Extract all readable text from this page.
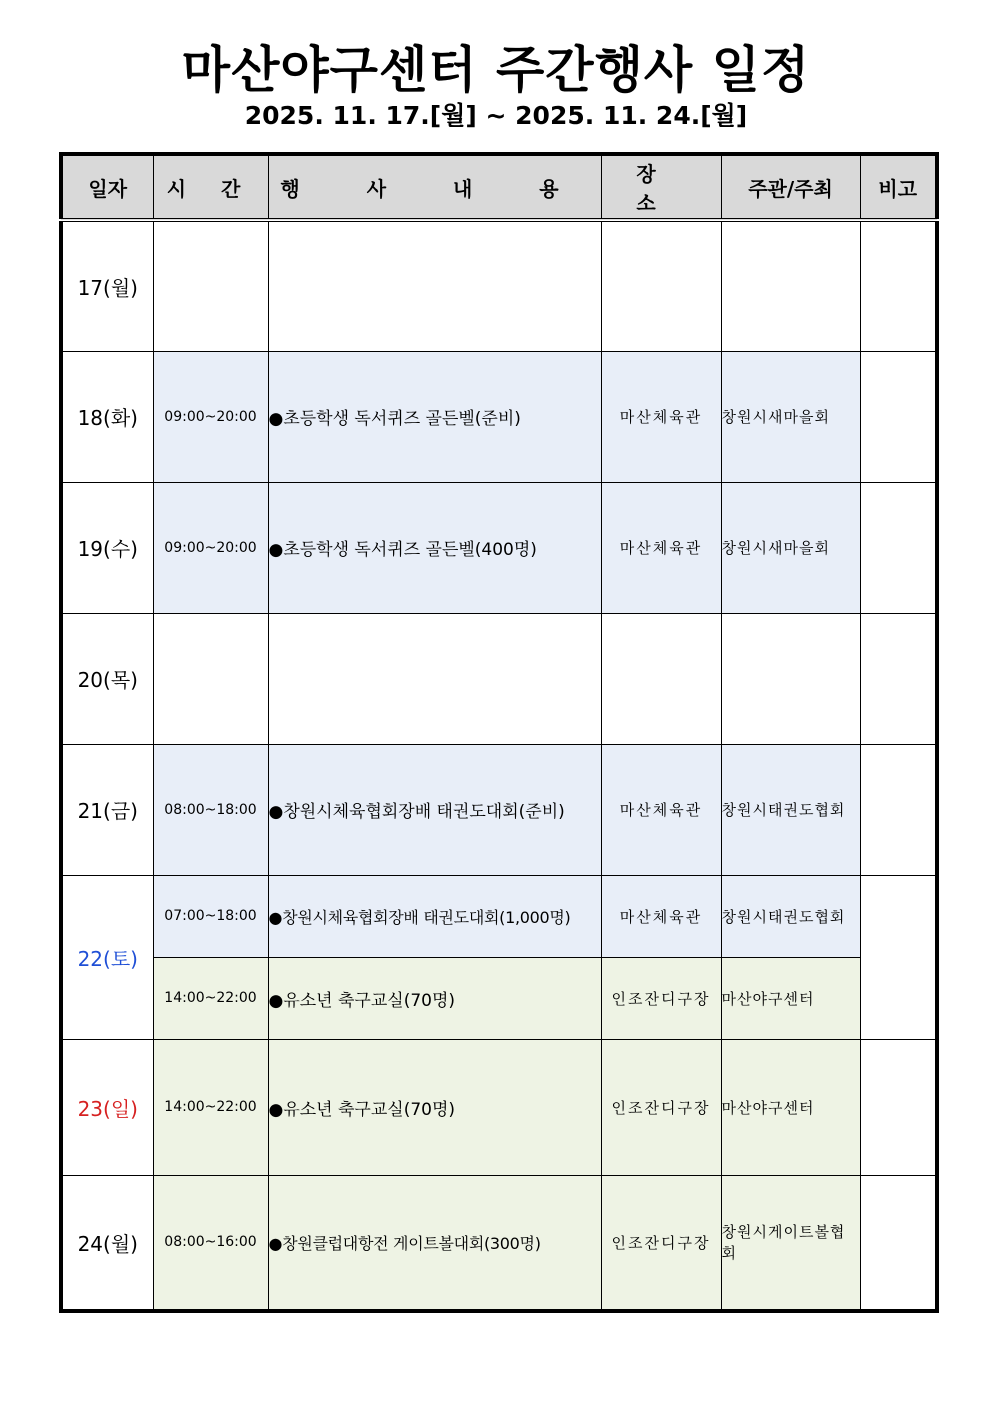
마산야구센터 주간행사 일정
2025. 11. 17.[월] ~ 2025. 11. 24.[월]
일자	시 간	행 사 내 용	장 소	주관/주최	비고
17(월)					
18(화)	09:00~20:00	●초등학생 독서퀴즈 골든벨(준비)	마산체육관	창원시새마을회	
19(수)	09:00~20:00	●초등학생 독서퀴즈 골든벨(400명)	마산체육관	창원시새마을회	
20(목)					
21(금)	08:00~18:00	●창원시체육협회장배 태권도대회(준비)	마산체육관	창원시태권도협회	
22(토)	07:00~18:00	●창원시체육협회장배 태권도대회(1,000명)	마산체육관	창원시태권도협회	
	14:00~22:00	●유소년 축구교실(70명)	인조잔디구장	마산야구센터	
23(일)	14:00~22:00	●유소년 축구교실(70명)	인조잔디구장	마산야구센터	
24(월)	08:00~16:00	●창원클럽대항전 게이트볼대회(300명)	인조잔디구장	창원시게이트볼협회	
